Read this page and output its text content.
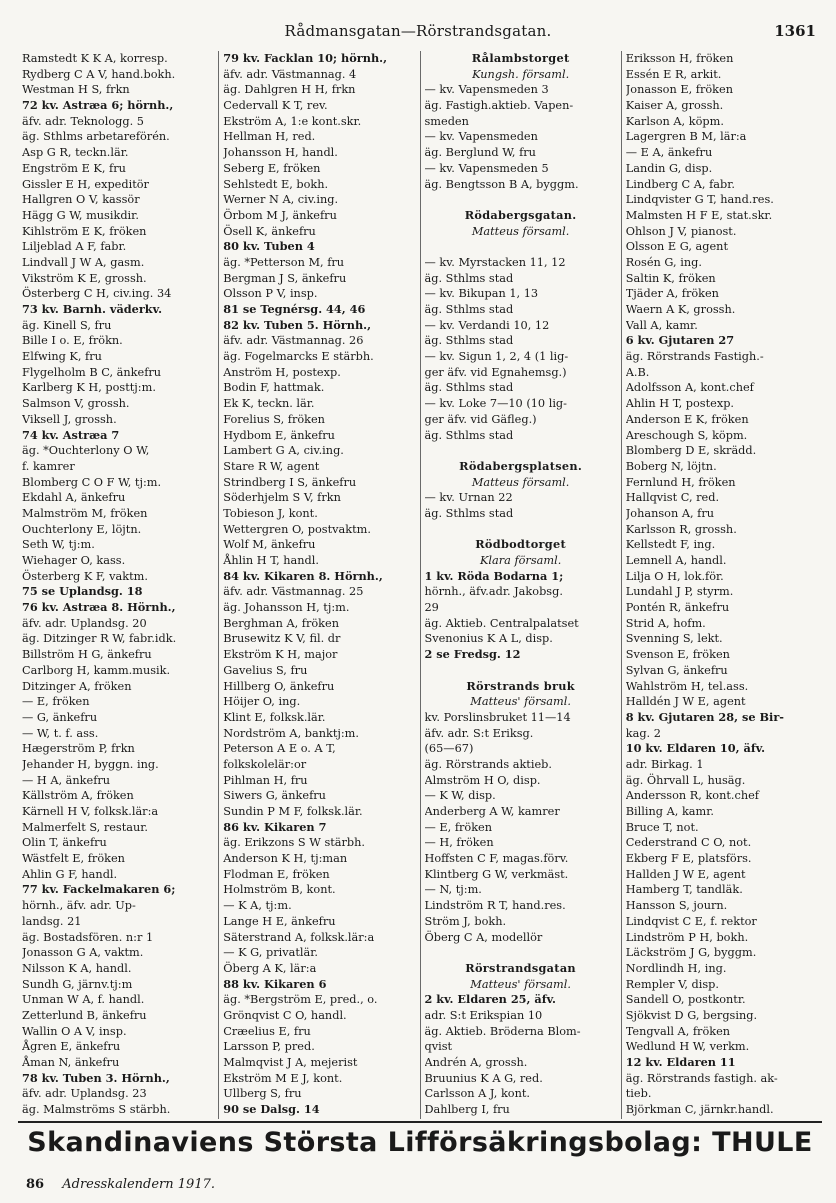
Rådmansgatan—Rörstrandsgatan.	1361
Ramstedt K K A, korresp.
Rydberg C A V, hand.bokh.
Westman H S, frkn
72 kv. Astræa 6; hörnh.,
äfv. adr. Teknologg. 5
äg. Sthlms arbetareförén.
Asp G R, teckn.lär.
Engström E K, fru
Gissler E H, expeditör
Hallgren O V, kassör
Hägg G W, musikdir.
Kihlström E K, fröken
Liljeblad A F, fabr.
Lindvall J W A, gasm.
Vikström K E, grossh.
Österberg C H, civ.ing. 34
73 kv. Barnh. väderkv.
äg. Kinell S, fru
Bille I o. E, frökn.
Elfwing K, fru
Flygelholm B C, änkefru
Karlberg K H, posttj:m.
Salmson V, grossh.
Viksell J, grossh.
74 kv. Astræa 7
äg. *Ouchterlony O W,
f. kamrer
Blomberg C O F W, tj:m.
Ekdahl A, änkefru
Malmström M, fröken
Ouchterlony E, löjtn.
Seth W, tj:m.
Wiehager O, kass.
Österberg K F, vaktm.
75 se Uplandsg. 18
76 kv. Astræa 8. Hörnh.,
äfv. adr. Uplandsg. 20
äg. Ditzinger R W, fabr.idk.
Billström H G, änkefru
Carlborg H, kamm.musik.
Ditzinger A, fröken
— E, fröken
— G, änkefru
— W, t. f. ass.
Hægerström P, frkn
Jehander H, byggn. ing.
— H A, änkefru
Källström A, fröken
Kärnell H V, folksk.lär:a
Malmerfelt S, restaur.
Olin T, änkefru
Wästfelt E, fröken
Ahlin G F, handl.
77 kv. Fackelmakaren 6;
hörnh., äfv. adr. Up-
landsg. 21
äg. Bostadsfören. n:r 1
Jonasson G A, vaktm.
Nilsson K A, handl.
Sundh G, järnv.tj:m
Unman W A, f. handl.
Zetterlund B, änkefru
Wallin O A V, insp.
Ågren E, änkefru
Åman N, änkefru
78 kv. Tuben 3. Hörnh.,
äfv. adr. Uplandsg. 23
äg. Malmströms S stärbh.
79 kv. Facklan 10; hörnh.,
äfv. adr. Västmannag. 4
äg. Dahlgren H H, frkn
Cedervall K T, rev.
Ekström A, 1:e kont.skr.
Hellman H, red.
Johansson H, handl.
Seberg E, fröken
Sehlstedt E, bokh.
Werner N A, civ.ing.
Örbom M J, änkefru
Ösell K, änkefru
80 kv. Tuben 4
äg. *Petterson M, fru
Bergman J S, änkefru
Olsson P V, insp.
81 se Tegnérsg. 44, 46
82 kv. Tuben 5. Hörnh.,
äfv. adr. Västmannag. 26
äg. Fogelmarcks E stärbh.
Anström H, postexp.
Bodin F, hattmak.
Ek K, teckn. lär.
Forelius S, fröken
Hydbom E, änkefru
Lambert G A, civ.ing.
Stare R W, agent
Strindberg I S, änkefru
Söderhjelm S V, frkn
Tobieson J, kont.
Wettergren O, postvaktm.
Wolf M, änkefru
Åhlin H T, handl.
84 kv. Kikaren 8. Hörnh.,
äfv. adr. Västmannag. 25
äg. Johansson H, tj:m.
Berghman A, fröken
Brusewitz K V, fil. dr
Ekström K H, major
Gavelius S, fru
Hillberg O, änkefru
Höijer O, ing.
Klint E, folksk.lär.
Nordström A, banktj:m.
Peterson A E o. A T,
folkskolelär:or
Pihlman H, fru
Siwers G, änkefru
Sundin P M F, folksk.lär.
86 kv. Kikaren 7
äg. Erikzons S W stärbh.
Anderson K H, tj:man
Flodman E, fröken
Holmström B, kont.
— K A, tj:m.
Lange H E, änkefru
Säterstrand A, folksk.lär:a
— K G, privatlär.
Öberg A K, lär:a
88 kv. Kikaren 6
äg. *Bergström E, pred., o.
Grönqvist C O, handl.
Cræelius E, fru
Larsson P, pred.
Malmqvist J A, mejerist
Ekström M E J, kont.
Ullberg S, fru
90 se Dalsg. 14
Rålambstorget
Kungsh. församl.
— kv. Vapensmeden 3
äg. Fastigh.aktieb. Vapen-
smeden
— kv. Vapensmeden
äg. Berglund W, fru
— kv. Vapensmeden 5
äg. Bengtsson B A, byggm.
Rödabergsgatan.
Matteus församl.
— kv. Myrstacken 11, 12
äg. Sthlms stad
— kv. Bikupan 1, 13
äg. Sthlms stad
— kv. Verdandi 10, 12
äg. Sthlms stad
— kv. Sigun 1, 2, 4 (1 lig-
ger äfv. vid Egnahemsg.)
äg. Sthlms stad
— kv. Loke 7—10 (10 lig-
ger äfv. vid Gäfleg.)
äg. Sthlms stad
Rödabergsplatsen.
Matteus församl.
— kv. Urnan 22
äg. Sthlms stad
Rödbodtorget
Klara församl.
1 kv. Röda Bodarna 1;
hörnh., äfv.adr. Jakobsg.
29
äg. Aktieb. Centralpalatset
Svenonius K A L, disp.
2 se Fredsg. 12
Rörstrands bruk
Matteus' församl.
kv. Porslinsbruket 11—14
äfv. adr. S:t Eriksg.
(65—67)
äg. Rörstrands aktieb.
Almström H O, disp.
— K W, disp.
Anderberg A W, kamrer
— E, fröken
— H, fröken
Hoffsten C F, magas.förv.
Klintberg G W, verkmäst.
— N, tj:m.
Lindström R T, hand.res.
Ström J, bokh.
Öberg C A, modellör
Rörstrandsgatan
Matteus' församl.
2 kv. Eldaren 25, äfv.
adr. S:t Erikspian 10
äg. Aktieb. Bröderna Blom-
qvist
Andrén A, grossh.
Bruunius K A G, red.
Carlsson A J, kont.
Dahlberg I, fru
Eriksson H, fröken
Essén E R, arkit.
Jonasson E, fröken
Kaiser A, grossh.
Karlson A, köpm.
Lagergren B M, lär:a
— E A, änkefru
Landin G, disp.
Lindberg C A, fabr.
Lindqvister G T, hand.res.
Malmsten H F E, stat.skr.
Ohlson J V, pianost.
Olsson E G, agent
Rosén G, ing.
Saltin K, fröken
Tjäder A, fröken
Waern A K, grossh.
Vall A, kamr.
6 kv. Gjutaren 27
äg. Rörstrands Fastigh.-
A.B.
Adolfsson A, kont.chef
Ahlin H T, postexp.
Anderson E K, fröken
Areschough S, köpm.
Blomberg D E, skrädd.
Boberg N, löjtn.
Fernlund H, fröken
Hallqvist C, red.
Johanson A, fru
Karlsson R, grossh.
Kellstedt F, ing.
Lemnell A, handl.
Lilja O H, lok.för.
Lundahl J P, styrm.
Pontén R, änkefru
Strid A, hofm.
Svenning S, lekt.
Svenson E, fröken
Sylvan G, änkefru
Wahlström H, tel.ass.
Halldén J W E, agent
8 kv. Gjutaren 28, se Bir-
kag. 2
10 kv. Eldaren 10, äfv.
adr. Birkag. 1
äg. Öhrvall L, husäg.
Andersson R, kont.chef
Billing A, kamr.
Bruce T, not.
Cederstrand C O, not.
Ekberg F E, platsförs.
Hallden J W E, agent
Hamberg T, tandläk.
Hansson S, journ.
Lindqvist C E, f. rektor
Lindström P H, bokh.
Läckström J G, byggm.
Nordlindh H, ing.
Rempler V, disp.
Sandell O, postkontr.
Sjökvist D G, bergsing.
Tengvall A, fröken
Wedlund H W, verkm.
12 kv. Eldaren 11
äg. Rörstrands fastigh. ak-
tieb.
Björkman C, järnkr.handl.
Skandinaviens Största Lifförsäkringsbolag: THULE
86 Adresskalendern 1917.
